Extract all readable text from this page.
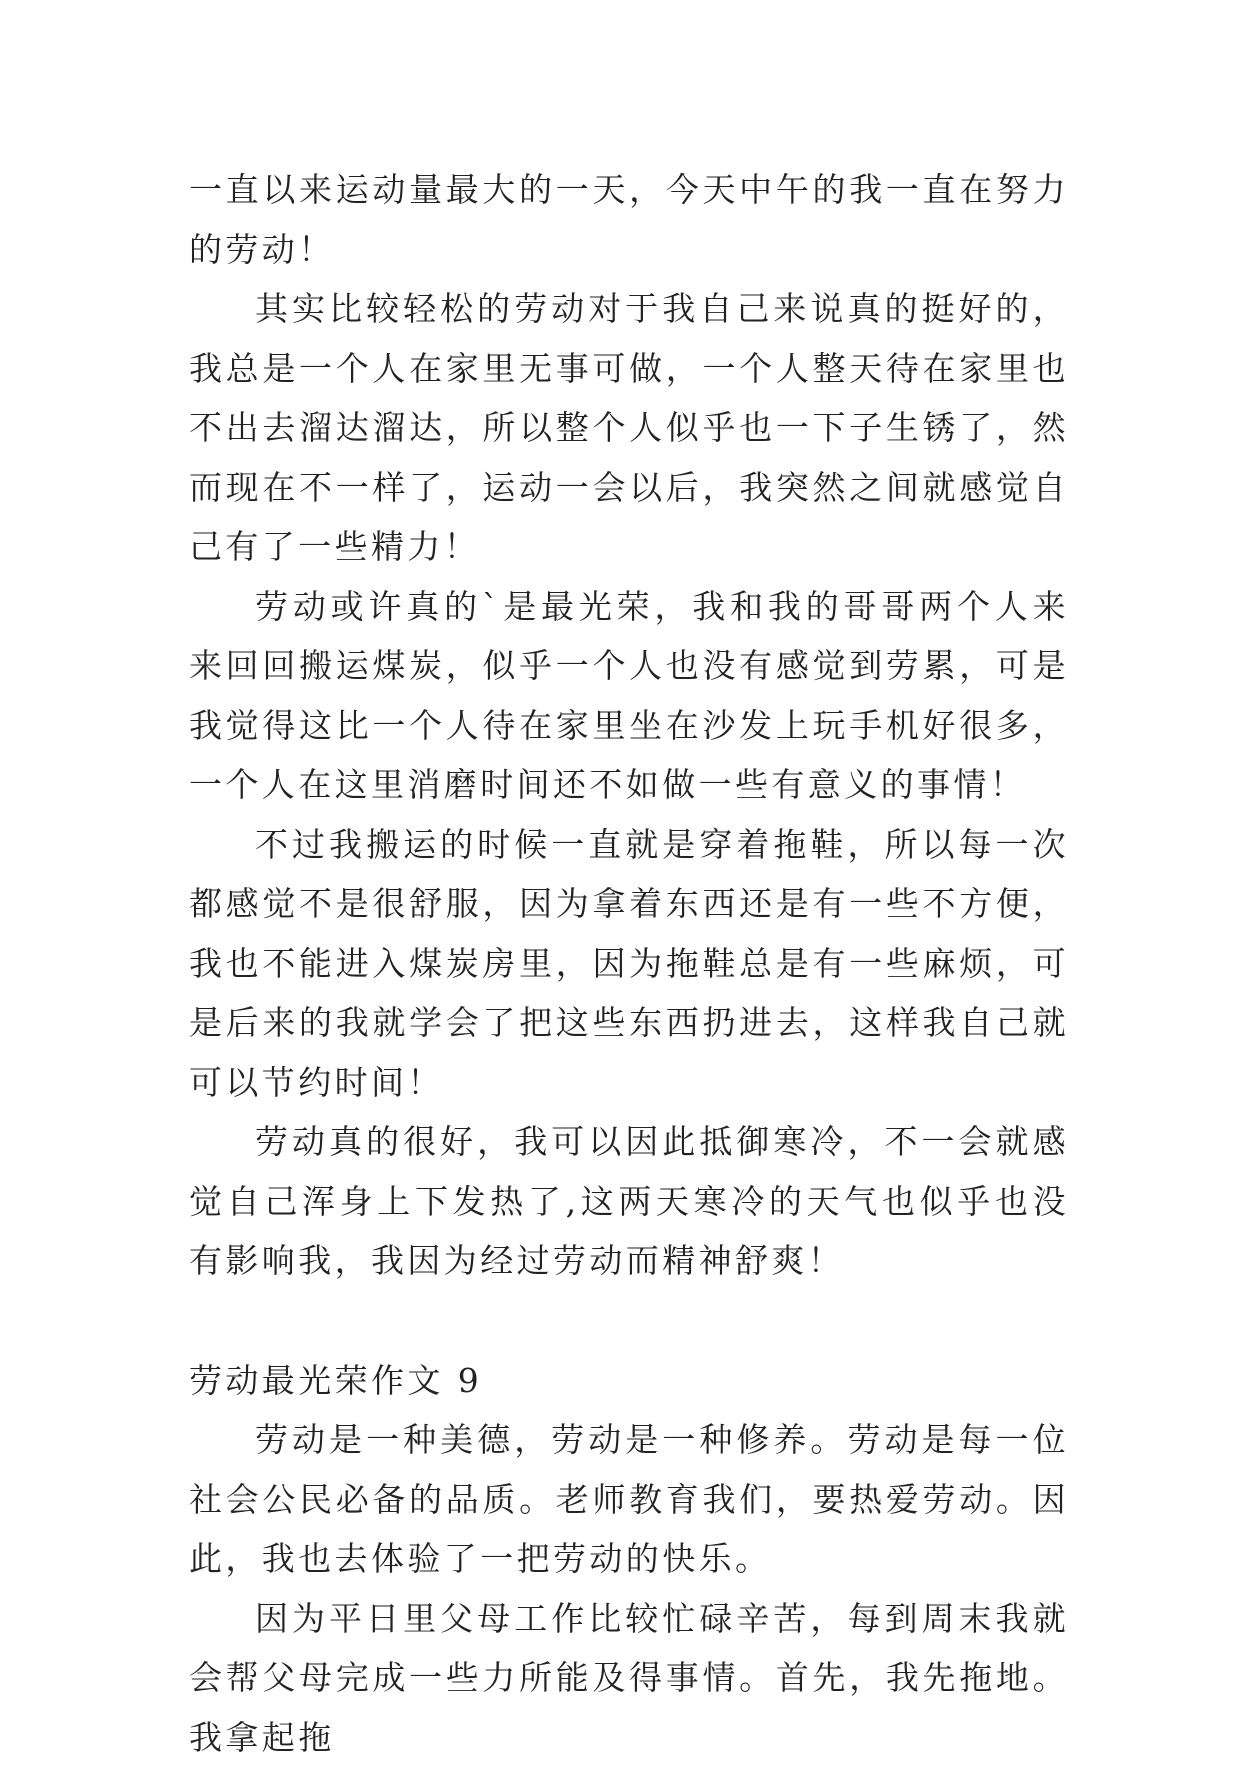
一直以来运动量最大的一天，今天中午的我一直在努力的劳动！

其实比较轻松的劳动对于我自己来说真的挺好的，我总是一个人在家里无事可做，一个人整天待在家里也不出去溜达溜达，所以整个人似乎也一下子生锈了，然而现在不一样了，运动一会以后，我突然之间就感觉自己有了一些精力！

劳动或许真的`是最光荣，我和我的哥哥两个人来来回回搬运煤炭，似乎一个人也没有感觉到劳累，可是我觉得这比一个人待在家里坐在沙发上玩手机好很多，一个人在这里消磨时间还不如做一些有意义的事情！

不过我搬运的时候一直就是穿着拖鞋，所以每一次都感觉不是很舒服，因为拿着东西还是有一些不方便，我也不能进入煤炭房里，因为拖鞋总是有一些麻烦，可是后来的我就学会了把这些东西扔进去，这样我自己就可以节约时间！

劳动真的很好，我可以因此抵御寒冷，不一会就感觉自己浑身上下发热了,这两天寒冷的天气也似乎也没有影响我，我因为经过劳动而精神舒爽！

劳动最光荣作文 9

劳动是一种美德，劳动是一种修养。劳动是每一位社会公民必备的品质。老师教育我们，要热爱劳动。因此，我也去体验了一把劳动的快乐。

因为平日里父母工作比较忙碌辛苦，每到周末我就会帮父母完成一些力所能及得事情。首先，我先拖地。我拿起拖
